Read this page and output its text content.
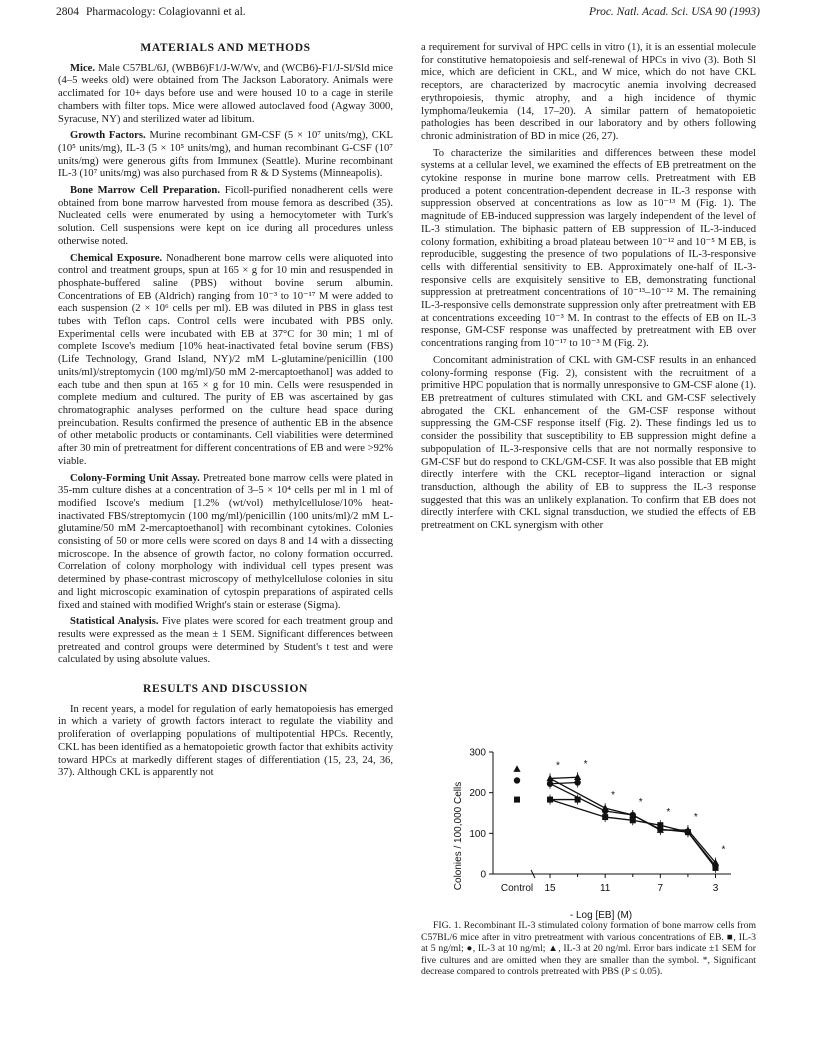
2804 Pharmacology: Colagiovanni et al.	Proc. Natl. Acad. Sci. USA 90 (1993)
MATERIALS AND METHODS

Mice. Male C57BL/6J, (WBB6)F1/J-W/Wv, and (WCB6)-F1/J-Sl/Sld mice (4–5 weeks old) were obtained from The Jackson Laboratory. Animals were acclimated for 10+ days before use and were housed 10 to a cage in sterile chambers with filter tops. Mice were allowed autoclaved food (Agway 3000, Syracuse, NY) and sterilized water ad libitum.

Growth Factors. Murine recombinant GM-CSF (5 × 10⁷ units/mg), CKL (10⁵ units/mg), IL-3 (5 × 10⁵ units/mg), and human recombinant G-CSF (10⁷ units/mg) were generous gifts from Immunex (Seattle). Murine recombinant IL-3 (10⁷ units/mg) was also purchased from R & D Systems (Minneapolis).

Bone Marrow Cell Preparation. Ficoll-purified nonadherent cells were obtained from bone marrow harvested from mouse femora as described (35). Nucleated cells were enumerated by using a hemocytometer with Turk's solution. Cell suspensions were kept on ice during all procedures unless otherwise noted.

Chemical Exposure. Nonadherent bone marrow cells were aliquoted into control and treatment groups, spun at 165 × g for 10 min and resuspended in phosphate-buffered saline (PBS) without bovine serum albumin. Concentrations of EB (Aldrich) ranging from 10⁻³ to 10⁻¹⁷ M were added to each suspension (2 × 10⁶ cells per ml). EB was diluted in PBS in glass test tubes with Teflon caps. Control cells were incubated with PBS only. Experimental cells were incubated with EB at 37°C for 30 min; 1 ml of complete Iscove's medium [10% heat-inactivated fetal bovine serum (FBS) (Life Technology, Grand Island, NY)/2 mM L-glutamine/penicillin (100 units/ml)/streptomycin (100 mg/ml)/50 mM 2-mercaptoethanol] was added to each tube and then spun at 165 × g for 10 min. Cells were resuspended in complete medium and cultured. The purity of EB was ascertained by gas chromatographic analyses performed on the culture head space during preincubation. Results confirmed the presence of authentic EB in the absence of other metabolic products or contaminants. Cell viabilities were determined after 30 min of pretreatment for different concentrations of EB and were >92% viable.

Colony-Forming Unit Assay. Pretreated bone marrow cells were plated in 35-mm culture dishes at a concentration of 3–5 × 10⁴ cells per ml in 1 ml of modified Iscove's medium [1.2% (wt/vol) methylcellulose/10% heat-inactivated FBS/streptomycin (100 mg/ml)/penicillin (100 units/ml)/2 mM L-glutamine/50 mM 2-mercaptoethanol] with recombinant cytokines. Colonies consisting of 50 or more cells were scored on days 8 and 14 with a dissecting microscope. In the absence of growth factor, no colony formation occurred. Correlation of colony morphology with individual cell types present was determined by phase-contrast microscopy of methylcellulose colonies in situ and light microscopic examination of cytospin preparations of aspirated cells fixed and stained with modified Wright's stain or esterase (Sigma).

Statistical Analysis. Five plates were scored for each treatment group and results were expressed as the mean ± 1 SEM. Significant differences between pretreated and control groups were determined by Student's t test and were calculated by using absolute values.

RESULTS AND DISCUSSION

In recent years, a model for regulation of early hematopoiesis has emerged in which a variety of growth factors interact to regulate the viability and proliferation of overlapping populations of multipotential HPCs. Recently, CKL has been identified as a hematopoietic growth factor that exhibits activity toward HPCs at markedly different stages of differentiation (15, 23, 24, 36, 37). Although CKL is apparently not

a requirement for survival of HPC cells in vitro (1), it is an essential molecule for constitutive hematopoiesis and self-renewal of HPCs in vivo (3). Both Sl mice, which are deficient in CKL, and W mice, which do not have CKL receptors, are characterized by macrocytic anemia involving decreased erythropoiesis, thymic atrophy, and a high incidence of thymic lymphoma/leukemia (14, 17–20). A similar pattern of hematopoietic pathologies has been described in our laboratory and by others following chronic administration of BD in mice (26, 27).

To characterize the similarities and differences between these model systems at a cellular level, we examined the effects of EB pretreatment on the cytokine response in murine bone marrow cells. Pretreatment with EB produced a potent concentration-dependent decrease in IL-3 response with suppression observed at concentrations as low as 10⁻¹³ M (Fig. 1). The magnitude of EB-induced suppression was largely independent of the level of IL-3 stimulation. The biphasic pattern of EB suppression of IL-3-induced colony formation, exhibiting a broad plateau between 10⁻¹² and 10⁻⁵ M EB, is reproducible, suggesting the presence of two populations of IL-3-responsive cells with differential sensitivity to EB. Approximately one-half of IL-3-responsive cells are exquisitely sensitive to EB, demonstrating functional suppression at pretreatment concentrations of 10⁻¹³–10⁻¹² M. The remaining IL-3-responsive cells demonstrate suppression only after pretreatment with EB at concentrations exceeding 10⁻³ M. In contrast to the effects of EB on IL-3 response, GM-CSF response was unaffected by pretreatment with EB over concentrations ranging from 10⁻¹⁷ to 10⁻³ M (Fig. 2).

Concomitant administration of CKL with GM-CSF results in an enhanced colony-forming response (Fig. 2), consistent with the recruitment of a primitive HPC population that is normally unresponsive to GM-CSF alone (1). EB pretreatment of cultures stimulated with CKL and GM-CSF selectively abrogated the CKL enhancement of the GM-CSF response without suppressing the GM-CSF response itself (Fig. 2). These findings led us to consider the possibility that susceptibility to EB suppression might define a subpopulation of IL-3-responsive cells that are not normally responsive to GM-CSF but do respond to CKL/GM-CSF. It was also possible that EB might directly interfere with the CKL receptor–ligand interaction or signal transduction, although the ability of EB to suppress the IL-3 response suggested that this was an unlikely explanation. To confirm that EB does not directly interfere with CKL signal transduction, we studied the effects of EB pretreatment on CKL synergism with other

Colonies / 100,000 Cells
- Log [EB] (M)
Control
0
100
200
300
15	11	7	3
*
*
*
*
* *
*

FIG. 1. Recombinant IL-3 stimulated colony formation of bone marrow cells from C57BL/6 mice after in vitro pretreatment with various concentrations of EB. ■, IL-3 at 5 ng/ml; ●, IL-3 at 10 ng/ml; ▲, IL-3 at 20 ng/ml. Error bars indicate ±1 SEM for five cultures and are omitted when they are smaller than the symbol. *, Significant decrease compared to controls pretreated with PBS (P ≤ 0.05).
